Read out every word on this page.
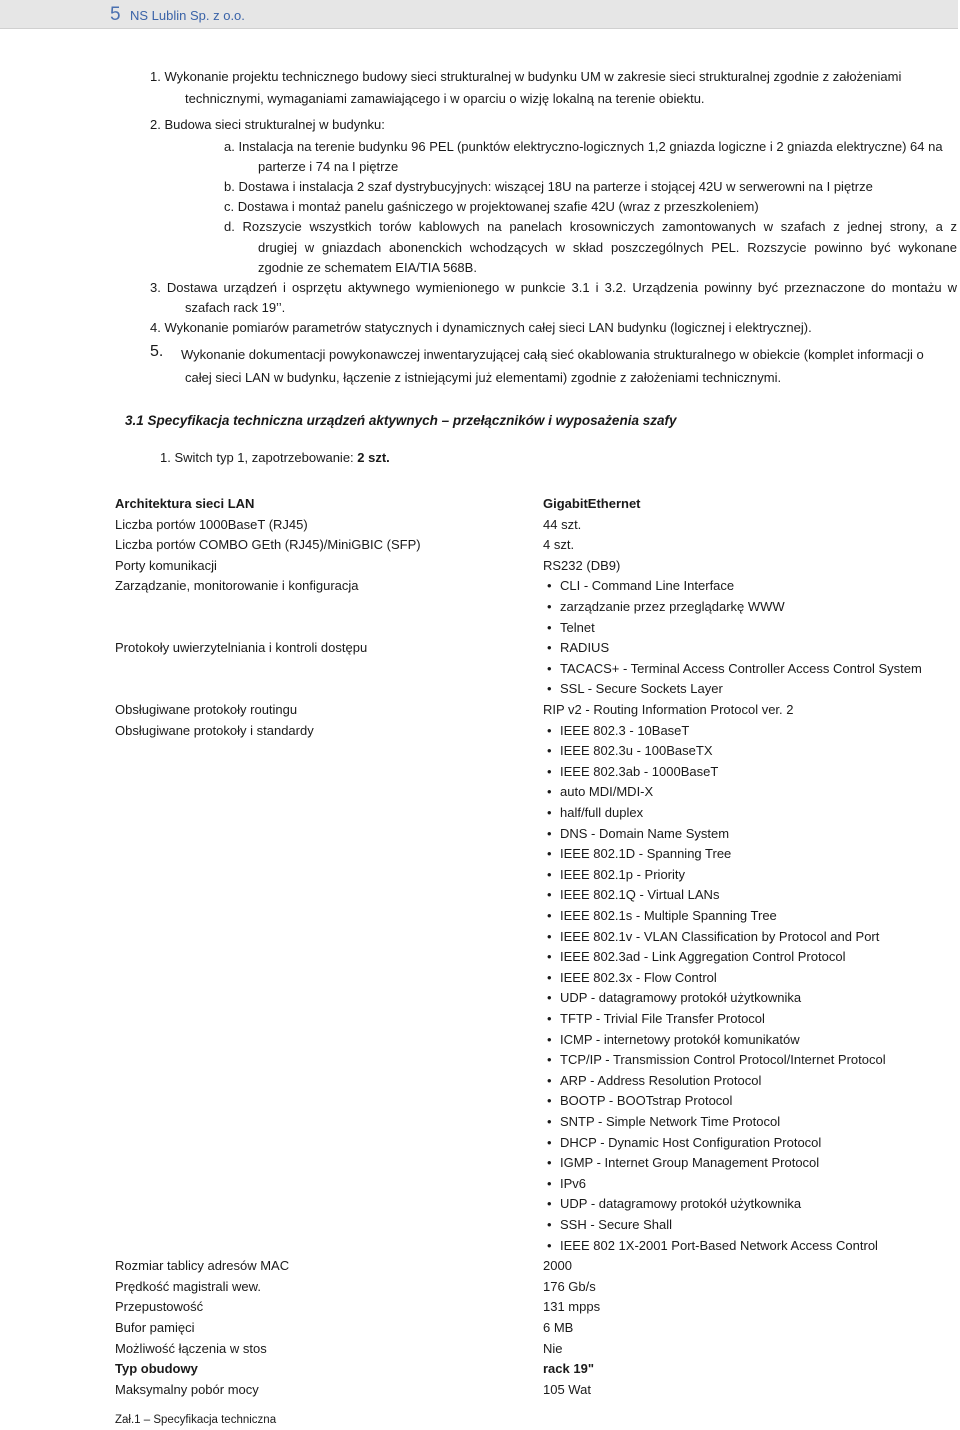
5 NS Lublin Sp. z o.o.
1. Wykonanie projektu technicznego budowy sieci strukturalnej w budynku UM w zakresie sieci strukturalnej zgodnie z założeniami
technicznymi, wymaganiami zamawiającego i w oparciu o wizję lokalną na terenie obiektu.
2. Budowa sieci strukturalnej w budynku:
a. Instalacja na terenie budynku 96 PEL (punktów elektryczno-logicznych 1,2 gniazda logiczne i 2 gniazda elektryczne) 64 na
parterze i 74 na I piętrze
b. Dostawa i instalacja 2 szaf dystrybucyjnych: wiszącej 18U na parterze i stojącej 42U w serwerowni na I piętrze
c. Dostawa i montaż panelu gaśniczego w projektowanej szafie 42U (wraz z przeszkoleniem)
d. Rozszycie wszystkich torów kablowych na panelach krosowniczych zamontowanych w szafach z jednej strony, a z
drugiej w gniazdach abonenckich wchodzących w skład poszczególnych PEL. Rozszycie powinno być wykonane
zgodnie ze schematem EIA/TIA 568B.
3. Dostawa urządzeń i osprzętu aktywnego wymienionego w punkcie 3.1 i 3.2. Urządzenia powinny być przeznaczone do montażu w
szafach rack 19’’.
4. Wykonanie pomiarów parametrów statycznych i dynamicznych całej sieci LAN budynku (logicznej i elektrycznej).
5. Wykonanie dokumentacji powykonawczej inwentaryzującej całą sieć okablowania strukturalnego w obiekcie (komplet informacji o
całej sieci LAN w budynku, łączenie z istniejącymi już elementami) zgodnie z założeniami technicznymi.
3.1 Specyfikacja techniczna urządzeń aktywnych – przełączników i wyposażenia szafy
1. Switch typ 1, zapotrzebowanie: 2 szt.
Architektura sieci LAN	GigabitEthernet
Liczba portów 1000BaseT (RJ45)	44 szt.
Liczba portów COMBO GEth (RJ45)/MiniGBIC (SFP)	4 szt.
Porty komunikacji	RS232 (DB9)
Zarządzanie, monitorowanie i konfiguracja	• CLI - Command Line Interface
• zarządzanie przez przeglądarkę WWW
• Telnet
Protokoły uwierzytelniania i kontroli dostępu	• RADIUS
• TACACS+ - Terminal Access Controller Access Control System
• SSL - Secure Sockets Layer
Obsługiwane protokoły routingu	RIP v2 - Routing Information Protocol ver. 2
Obsługiwane protokoły i standardy	• IEEE 802.3 - 10BaseT
• IEEE 802.3u - 100BaseTX
• IEEE 802.3ab - 1000BaseT
• auto MDI/MDI-X
• half/full duplex
• DNS - Domain Name System
• IEEE 802.1D - Spanning Tree
• IEEE 802.1p - Priority
• IEEE 802.1Q - Virtual LANs
• IEEE 802.1s - Multiple Spanning Tree
• IEEE 802.1v - VLAN Classification by Protocol and Port
• IEEE 802.3ad - Link Aggregation Control Protocol
• IEEE 802.3x - Flow Control
• UDP - datagramowy protokół użytkownika
• TFTP - Trivial File Transfer Protocol
• ICMP - internetowy protokół komunikatów
• TCP/IP - Transmission Control Protocol/Internet Protocol
• ARP - Address Resolution Protocol
• BOOTP - BOOTstrap Protocol
• SNTP - Simple Network Time Protocol
• DHCP - Dynamic Host Configuration Protocol
• IGMP - Internet Group Management Protocol
• IPv6
• UDP - datagramowy protokół użytkownika
• SSH - Secure Shall
• IEEE 802 1X-2001 Port-Based Network Access Control
Rozmiar tablicy adresów MAC	2000
Prędkość magistrali wew.	176 Gb/s
Przepustowość	131 mpps
Bufor pamięci	6 MB
Możliwość łączenia w stos	Nie
Typ obudowy	rack 19"
Maksymalny pobór mocy	105 Wat
Zał.1 – Specyfikacja techniczna
